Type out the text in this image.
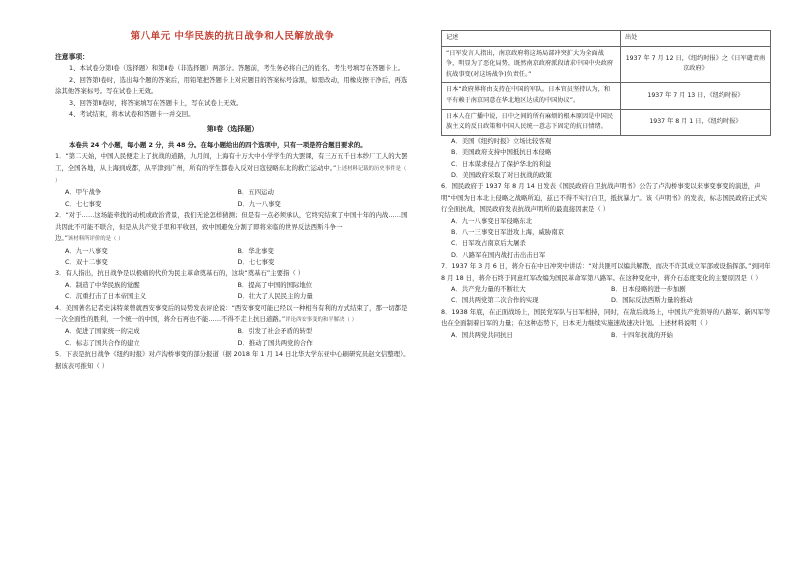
第八单元 中华民族的抗日战争和人民解放战争

注意事项：

1、本试卷分第Ⅰ卷（选择题）和第Ⅱ卷（非选择题）两部分。答题前，考生务必将自己的姓名、考生号填写在答题卡上。

2、回答第Ⅰ卷时，选出每个题的答案后，用铅笔把答题卡上对应题目的答案标号涂黑，如需改动，用橡皮擦干净后，再选涂其他答案标号。写在试卷上无效。

3、回答第Ⅱ卷时，将答案填写在答题卡上，写在试卷上无效。

4、考试结束，将本试卷和答题卡一并交回。

第Ⅰ卷（选择题）

本卷共 24 个小题，每小题 2 分，共 48 分。在每小题给出的四个选项中，只有一项是符合题目要求的。

1．“第二天始，中国人民便走上了抗战的道路，九月间，上海有十万大中小学学生的大罢课，有三万五千日本纱厂工人的大罢工，全国各地，从上海到成都，从平津到广州，所有的学生都卷入反对日寇侵略东北的救亡运动中。”上述材料记载的历史事件是（ ）

A．甲午战争	B．五四运动
C．七七事变	D．九一八事变

2．“对于……这场能牵扰的动机或政治背景，我们无论怎样猜测；但是有一点必须承认，它终究结束了中国十年的内战……国共因此不可能不联合，但是从共产党手里和平收回，致中国避免分割了即将来临的世界反法西斯斗争一边。”该材料所评价的是（ ）

A．九一八事变	B．华北事变
C．双十二事变	D．七七事变

3．有人指出，抗日战争是以极痛的代价为民主革命奠基石的，这块“奠基石”主要指（ ）

A．制造了中华民族的觉醒	B．提高了中国的国际地位
C．沉重打击了日本帝国主义	D．壮大了人民民主的力量

4．美国著名记者史沫特莱曾就西安事变后的局势发表评论说：“西安事变可能已经以一种相当有利的方式结束了，那一切都是一次全面性的胜利，一个统一的中国，蒋介石再也不能……不得不走上抗日道路。”评论西安事变的和平解决（ ）

A．促进了国家统一的完成	B．引发了社会矛盾的转型
C．标志了国共合作的建立	D．推动了国共两党的合作

5．下表是抗日战争《纽约时报》对卢沟桥事变的部分报道（据 2018 年 1 月 14 日北华大学东亚中心刷研究员赵文信整理）。据该表可推知（ ）

记述	出处
“日军发言人指出，南京政府将这场局部冲突扩大为全面战争，明显为了恶化局势，既然南京政府派段请求中国中央政府抗战事变(对这场战争)负责任。”	1937 年 7 月 12 日，《纽约时报》之《日军谴责南京政府》
日本“政府界将由支持在中国的军队。日本官员坚持认为，和平有赖于南京同意在华北地区达成的中国协议”。	1937 年 7 月 13 日，《纽约时报》
日本人在广播中说，日中之间的所有麻烦的根本原因是中国民族主义的反日政策和中国人民统一意志下固定的抗日情绪。	1937 年 8 月 1 日，《纽约时报》
A．美国《纽约时报》立场比较客观
B．美国政府支持中国抵抗日本侵略
C．日本谋求侵占了保护华北的利益
D．美国政府采取了对日抗战的政策

6．国民政府于 1937 年 8 月 14 日发表《国民政府自卫抗战声明书》公告了卢沟桥事变以来事变事变的演进，声明“中国为日本北上侵略之战略所迫，兹已不得不实行自卫，抵抗暴力”。该《声明书》的发表，标志国民政府正式实行全面抗战，国民政府发表抗战声明所的最直接因素是（ ）

A．九一八事变日军侵略东北
B．八一三事变日军进攻上海，威胁南京
C．日军攻占南京后大屠杀
D．八路军在国内战打击出击日军

7．1937 年 3 月 6 日，蒋介石在中日冲突中讲话：“对共匪可以编共解散，而决不许其成立军部或设指挥部。”到同年 8 月 18 日，蒋介石终于同意红军改编为国民革命军第八路军。在这种变化中，蒋介石态度变化的主要原因是（ ）

A．共产党力量的不断壮大	B．日本侵略的进一步加剧
C．国共两党第二次合作的实现	D．国际反法西斯力量的推动

8．1938 年底，在正面战场上，国民党军队与日军相持，同时，在敌后战场上，中国共产党领导的八路军、新四军等也在全面制着日军的力量；在这种态势下，日本无力继续实施速战速决计划。上述材料说明（ ）

A．国共两党共同抗日	B．十四年抗战的开始
